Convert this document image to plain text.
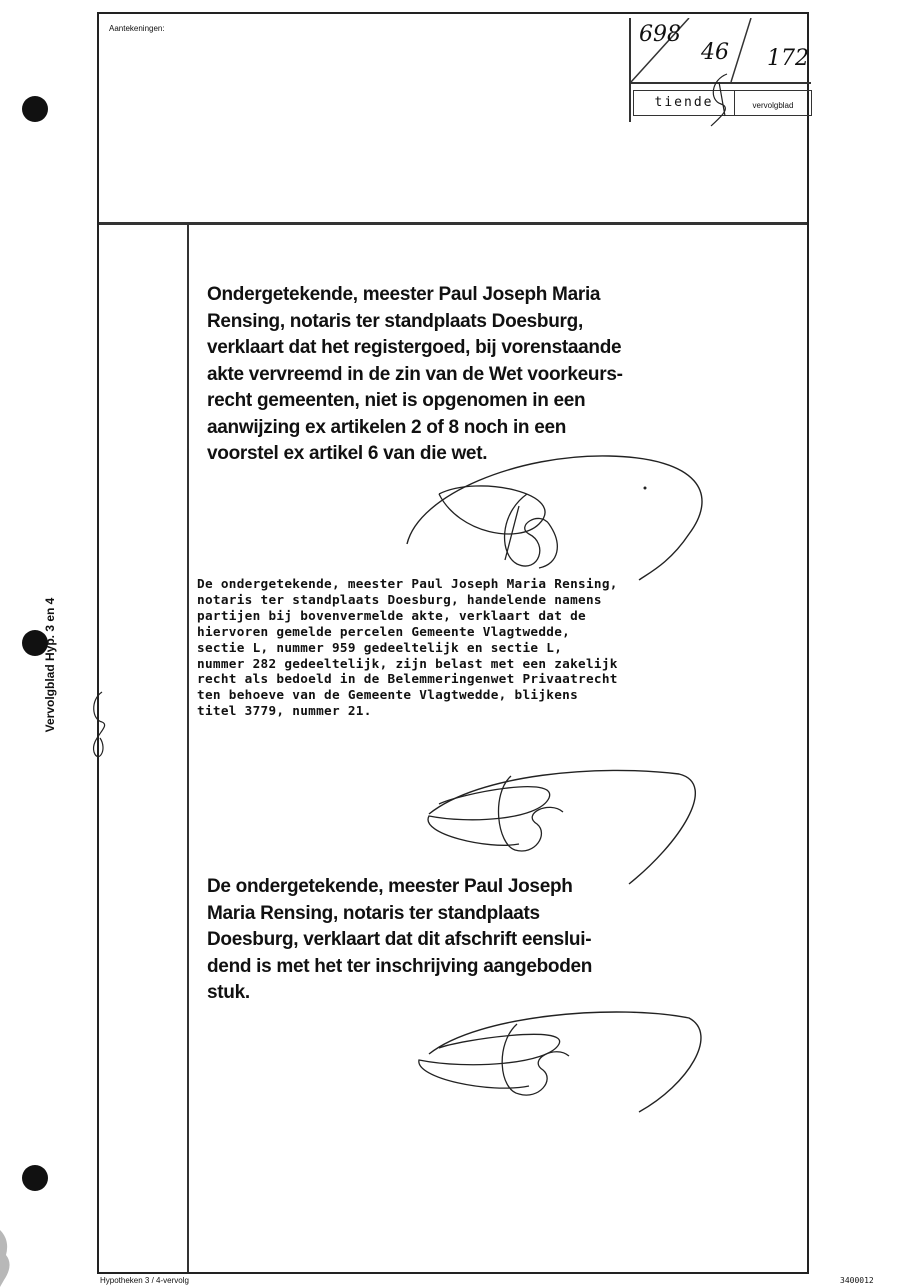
Vervolgblad Hyp. 3 en 4
Aantekeningen:	698
46 172
tiende	vervolgblad
Ondergetekende, meester Paul Joseph Maria
Rensing, notaris ter standplaats Doesburg,
verklaart dat het registergoed, bij vorenstaande
akte vervreemd in de zin van de Wet voorkeurs-
recht gemeenten, niet is opgenomen in een
aanwijzing ex artikelen 2 of 8 noch in een
voorstel ex artikel 6 van die wet.
De ondergetekende, meester Paul Joseph Maria Rensing,
notaris ter standplaats Doesburg, handelende namens
partijen bij bovenvermelde akte, verklaart dat de
hiervoren gemelde percelen Gemeente Vlagtwedde,
sectie L, nummer 959 gedeeltelijk en sectie L,
nummer 282 gedeeltelijk, zijn belast met een zakelijk
recht als bedoeld in de Belemmeringenwet Privaatrecht
ten behoeve van de Gemeente Vlagtwedde, blijkens
titel 3779, nummer 21.
De ondergetekende, meester Paul Joseph
Maria Rensing, notaris ter standplaats
Doesburg, verklaart dat dit afschrift eenslui-
dend is met het ter inschrijving aangeboden
stuk.
Hypotheken 3 / 4-vervolg	3400012
